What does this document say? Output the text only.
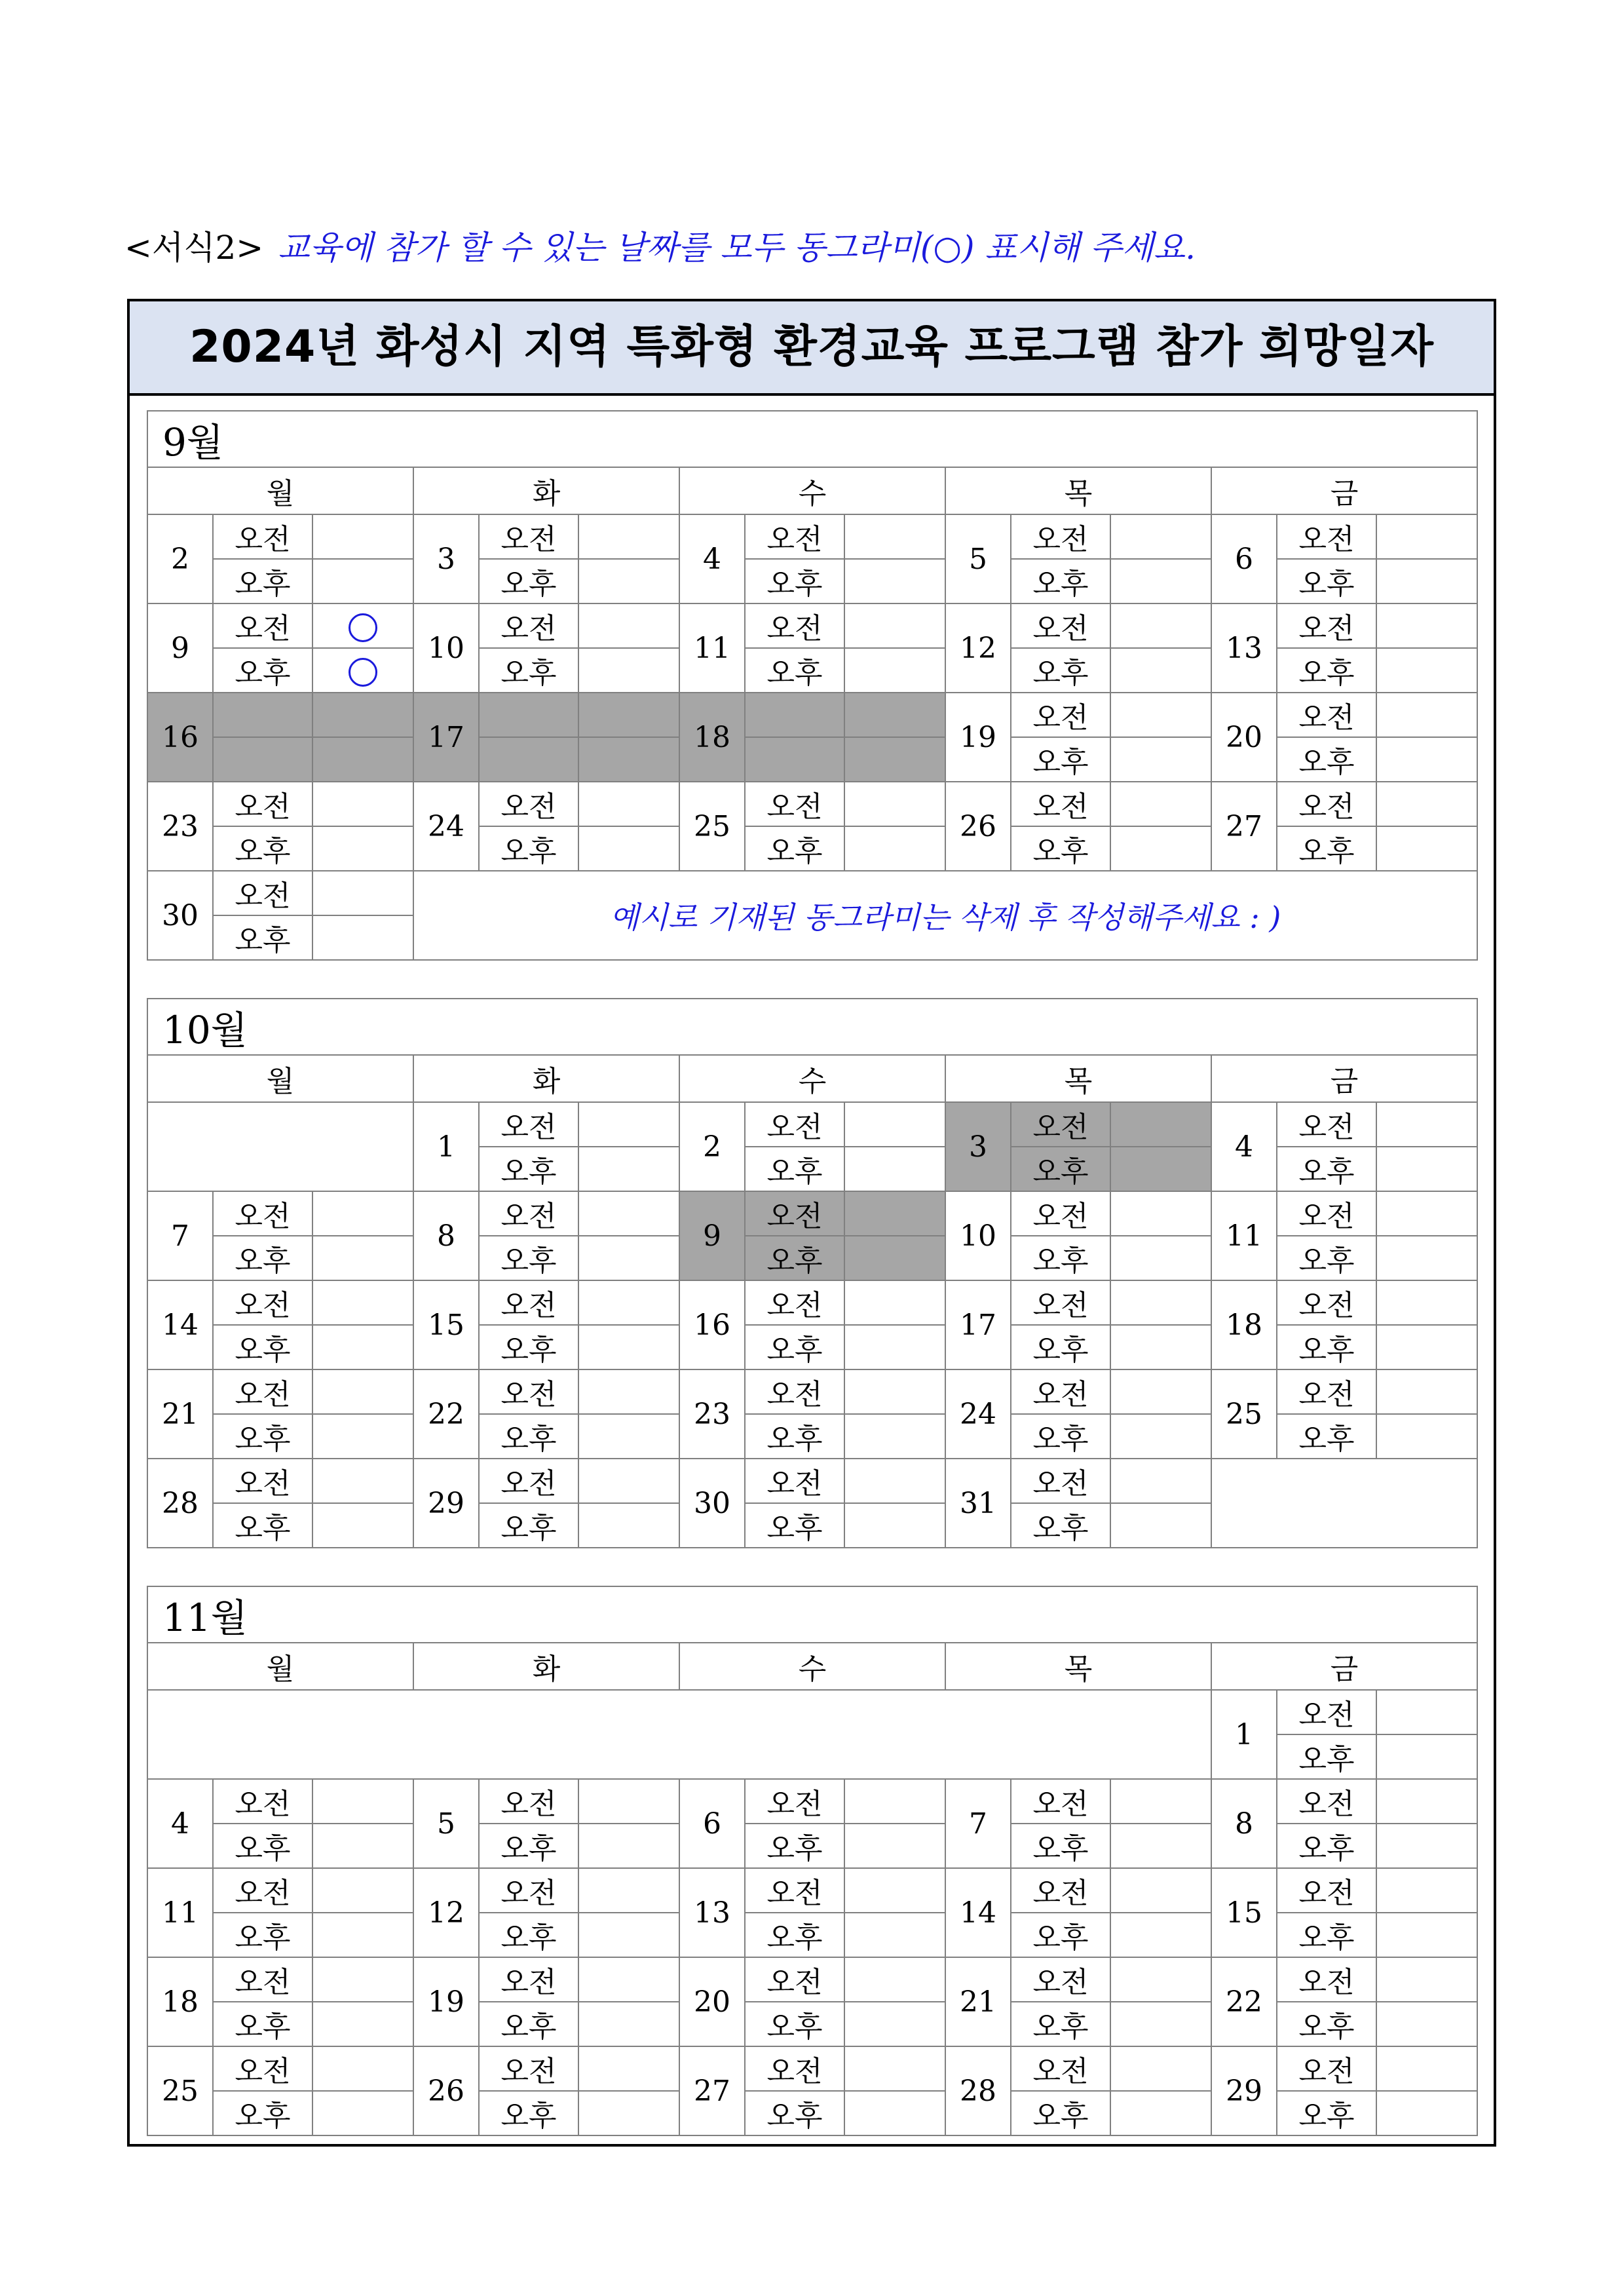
<서식2> 교육에 참가 할 수 있는 날짜를 모두 동그라미(○) 표시해 주세요.
2024년 화성시 지역 특화형 환경교육 프로그램 참가 희망일자
9월														
월			화			수			목			금		
2	오전		3	오전		4	오전		5	오전		6	오전	
	오후			오후			오후			오후			오후	
9	오전		10	오전		11	오전		12	오전		13	오전	
	오후			오후			오후			오후			오후	
16			17			18			19	오전		20	오전	
										오후			오후	
23	오전		24	오전		25	오전		26	오전		27	오전	
	오후			오후			오후			오후			오후	
30	오전		예시로 기재된 동그라미는 삭제 후 작성해주세요 : )											
	오후													
10월														
월			화			수			목			금		
			1	오전		2	오전		3	오전		4	오전	
				오후			오후			오후			오후	
7	오전		8	오전		9	오전		10	오전		11	오전	
	오후			오후			오후			오후			오후	
14	오전		15	오전		16	오전		17	오전		18	오전	
	오후			오후			오후			오후			오후	
21	오전		22	오전		23	오전		24	오전		25	오전	
	오후			오후			오후			오후			오후	
28	오전		29	오전		30	오전		31	오전				
	오후			오후			오후			오후				
11월														
월			화			수			목			금		
												1	오전	
													오후	
4	오전		5	오전		6	오전		7	오전		8	오전	
	오후			오후			오후			오후			오후	
11	오전		12	오전		13	오전		14	오전		15	오전	
	오후			오후			오후			오후			오후	
18	오전		19	오전		20	오전		21	오전		22	오전	
	오후			오후			오후			오후			오후	
25	오전		26	오전		27	오전		28	오전		29	오전	
	오후			오후			오후			오후			오후	
